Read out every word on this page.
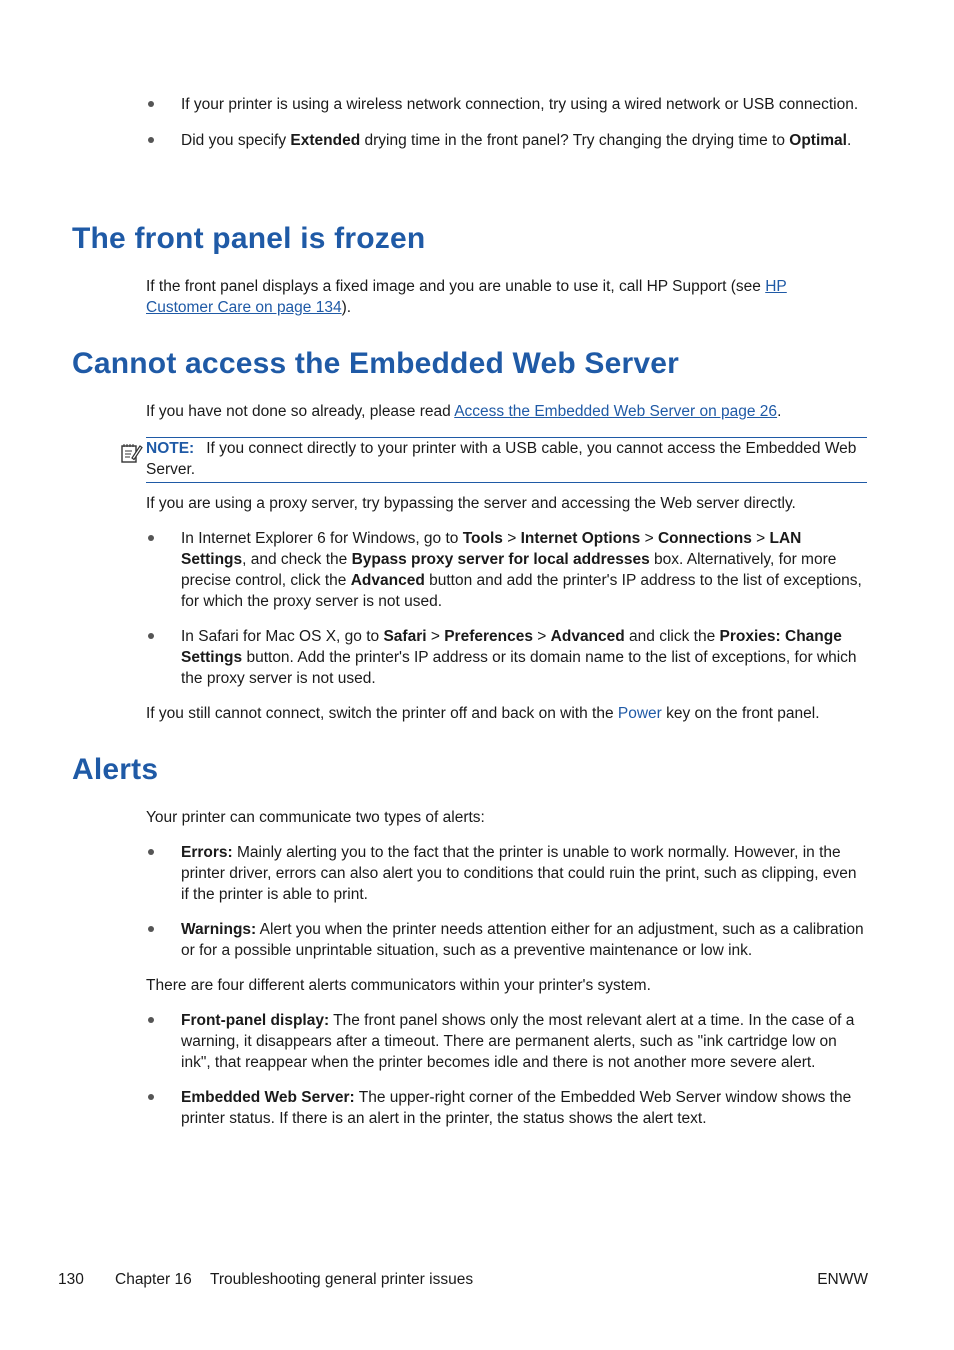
If your printer is using a wireless network connection, try using a wired network or USB connection.
Did you specify Extended drying time in the front panel? Try changing the drying time to Optimal.
The front panel is frozen
If the front panel displays a fixed image and you are unable to use it, call HP Support (see HP Customer Care on page 134).
Cannot access the Embedded Web Server
If you have not done so already, please read Access the Embedded Web Server on page 26.
NOTE: If you connect directly to your printer with a USB cable, you cannot access the Embedded Web Server.
If you are using a proxy server, try bypassing the server and accessing the Web server directly.
In Internet Explorer 6 for Windows, go to Tools > Internet Options > Connections > LAN Settings, and check the Bypass proxy server for local addresses box. Alternatively, for more precise control, click the Advanced button and add the printer's IP address to the list of exceptions, for which the proxy server is not used.
In Safari for Mac OS X, go to Safari > Preferences > Advanced and click the Proxies: Change Settings button. Add the printer's IP address or its domain name to the list of exceptions, for which the proxy server is not used.
If you still cannot connect, switch the printer off and back on with the Power key on the front panel.
Alerts
Your printer can communicate two types of alerts:
Errors: Mainly alerting you to the fact that the printer is unable to work normally. However, in the printer driver, errors can also alert you to conditions that could ruin the print, such as clipping, even if the printer is able to print.
Warnings: Alert you when the printer needs attention either for an adjustment, such as a calibration or for a possible unprintable situation, such as a preventive maintenance or low ink.
There are four different alerts communicators within your printer's system.
Front-panel display: The front panel shows only the most relevant alert at a time. In the case of a warning, it disappears after a timeout. There are permanent alerts, such as "ink cartridge low on ink", that reappear when the printer becomes idle and there is not another more severe alert.
Embedded Web Server: The upper-right corner of the Embedded Web Server window shows the printer status. If there is an alert in the printer, the status shows the alert text.
130 Chapter 16 Troubleshooting general printer issues	ENWW
